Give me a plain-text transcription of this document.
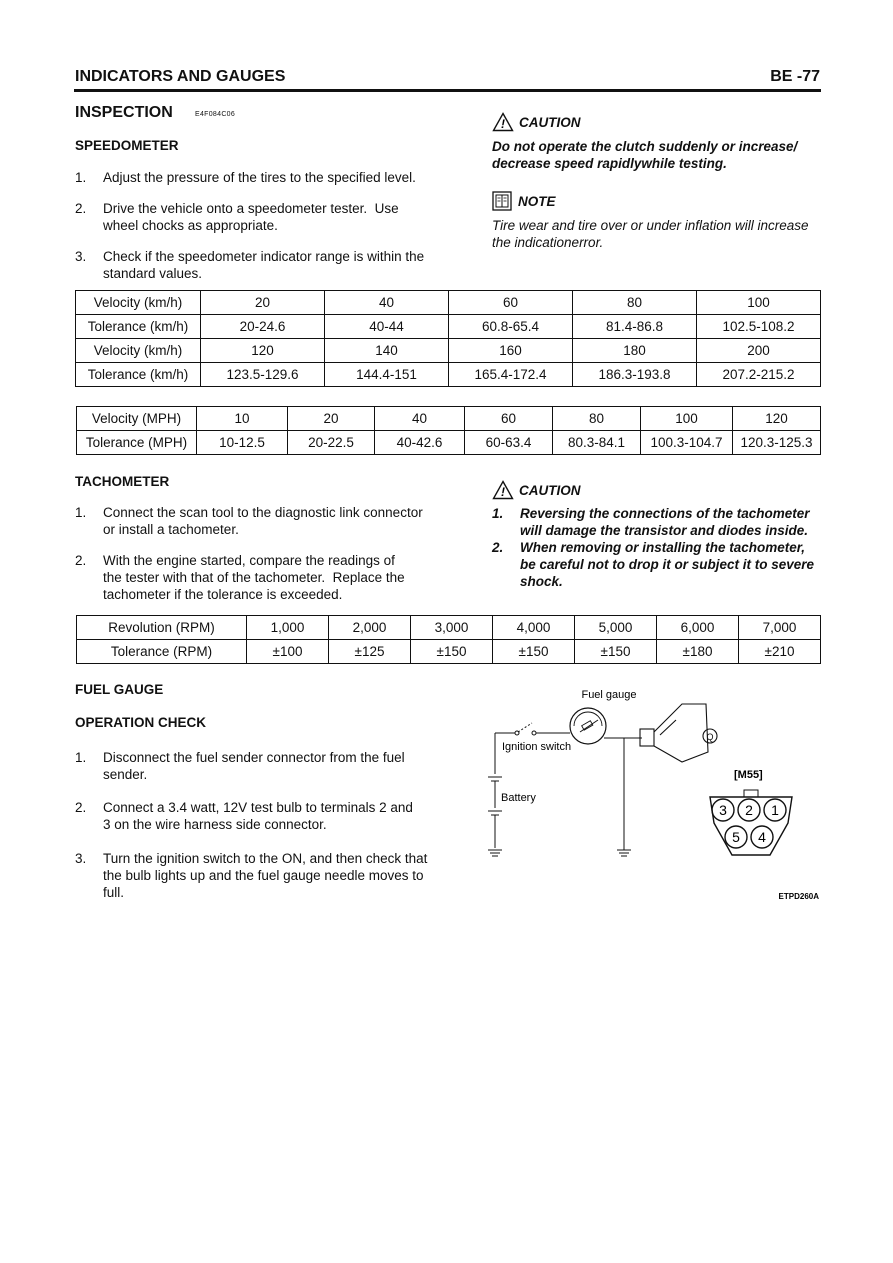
INDICATORS AND GAUGES	BE -77
INSPECTION	E4F084C06
SPEEDOMETER
1. Adjust the pressure of the tires to the specified level.
2. Drive the vehicle onto a speedometer tester.  Use
wheel chocks as appropriate.
3. Check if the speedometer indicator range is within the
standard values.
! CAUTION
Do not operate the clutch suddenly or increase/
decrease speed rapidlywhile testing.
NOTE
Tire wear and tire over or under inflation will increase
the indicationerror.
Velocity (km/h)	20	40	60	80	100
Tolerance (km/h)	20-24.6	40-44	60.8-65.4	81.4-86.8	102.5-108.2
Velocity (km/h)	120	140	160	180	200
Tolerance (km/h)	123.5-129.6	144.4-151	165.4-172.4	186.3-193.8	207.2-215.2
Velocity (MPH)	10	20	40	60	80	100	120
Tolerance (MPH)	10-12.5	20-22.5	40-42.6	60-63.4	80.3-84.1	100.3-104.7	120.3-125.3
TACHOMETER
1. Connect the scan tool to the diagnostic link connector
or install a tachometer.
2. With the engine started, compare the readings of
the tester with that of the tachometer.  Replace the
tachometer if the tolerance is exceeded.
! CAUTION
1. Reversing the connections of the tachometer
will damage the transistor and diodes inside.
2. When removing or installing the tachometer,
be careful not to drop it or subject it to severe
shock.
Revolution (RPM)	1,000	2,000	3,000	4,000	5,000	6,000	7,000
Tolerance (RPM)	±100	±125	±150	±150	±150	±180	±210
FUEL GAUGE
OPERATION CHECK
1. Disconnect the fuel sender connector from the fuel
sender.
2. Connect a 3.4 watt, 12V test bulb to terminals 2 and
3 on the wire harness side connector.
3. Turn the ignition switch to the ON, and then check that
the bulb lights up and the fuel gauge needle moves to
full.
Q
Fuel gauge
Ignition switch
Battery
[M55]
3 2 1
5 4
ETPD260A
